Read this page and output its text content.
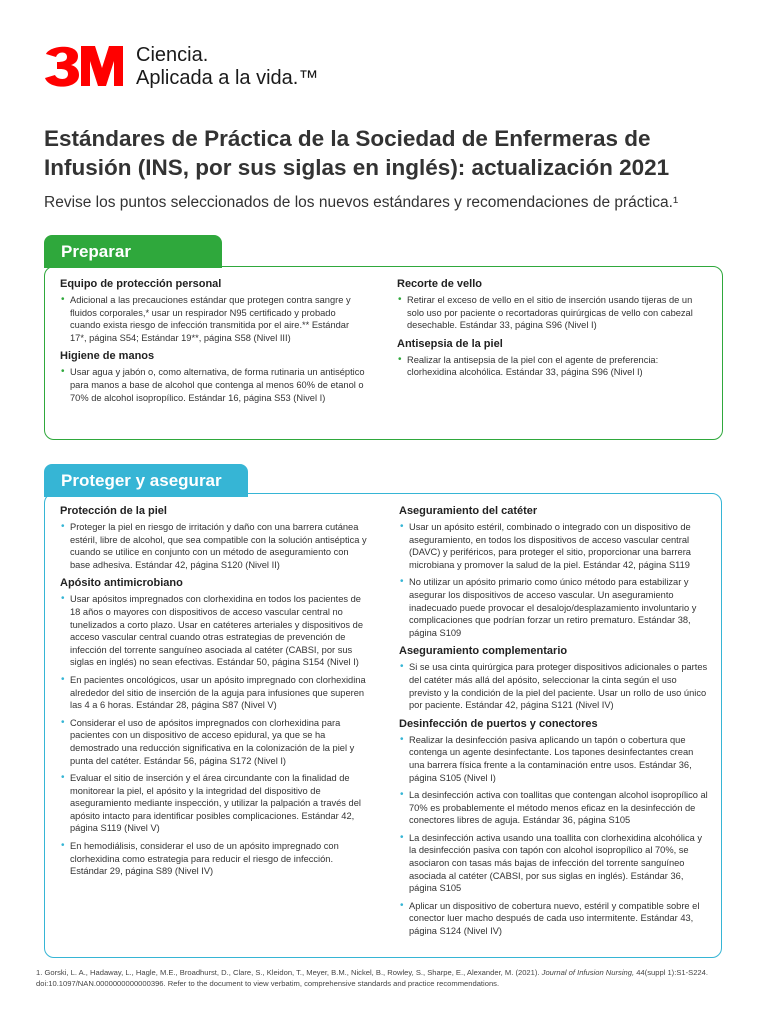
Ciencia.
Aplicada a la vida.™
Estándares de Práctica de la Sociedad de Enfermeras de Infusión (INS, por sus siglas en inglés): actualización 2021
Revise los puntos seleccionados de los nuevos estándares y recomendaciones de práctica.¹
Preparar
Equipo de protección personal
• Adicional a las precauciones estándar que protegen contra sangre y fluidos corporales,* usar un respirador N95 certificado y probado cuando exista riesgo de infección transmitida por el aire.** Estándar 17*, página S54; Estándar 19**, página S58 (Nivel III)
Higiene de manos
• Usar agua y jabón o, como alternativa, de forma rutinaria un antiséptico para manos a base de alcohol que contenga al menos 60% de etanol o 70% de alcohol isopropílico. Estándar 16, página S53 (Nivel I)
Recorte de vello
• Retirar el exceso de vello en el sitio de inserción usando tijeras de un solo uso por paciente o recortadoras quirúrgicas de vello con cabezal desechable. Estándar 33, página S96 (Nivel I)
Antisepsia de la piel
• Realizar la antisepsia de la piel con el agente de preferencia: clorhexidina alcohólica. Estándar 33, página S96 (Nivel I)
Proteger y asegurar
Protección de la piel
• Proteger la piel en riesgo de irritación y daño con una barrera cutánea estéril, libre de alcohol, que sea compatible con la solución antiséptica y cuando se utilice en conjunto con un método de aseguramiento con base adhesiva. Estándar 42, página S120 (Nivel II)
Apósito antimicrobiano
• Usar apósitos impregnados con clorhexidina en todos los pacientes de 18 años o mayores con dispositivos de acceso vascular central no tunelizados a corto plazo. Usar en catéteres arteriales y dispositivos de acceso vascular central cuando otras estrategias de prevención de infección del torrente sanguíneo asociada al catéter (CABSI, por sus siglas en inglés) no sean efectivas. Estándar 50, página S154 (Nivel I)
• En pacientes oncológicos, usar un apósito impregnado con clorhexidina alrededor del sitio de inserción de la aguja para infusiones que superen las 4 a 6 horas. Estándar 28, página S87 (Nivel V)
• Considerar el uso de apósitos impregnados con clorhexidina para pacientes con un dispositivo de acceso epidural, ya que se ha demostrado una reducción significativa en la colonización de la piel y punta del catéter. Estándar 56, página S172 (Nivel I)
• Evaluar el sitio de inserción y el área circundante con la finalidad de monitorear la piel, el apósito y la integridad del dispositivo de aseguramiento mediante inspección, y utilizar la palpación a través del apósito intacto para identificar posibles complicaciones. Estándar 42, página S119 (Nivel V)
• En hemodiálisis, considerar el uso de un apósito impregnado con clorhexidina como estrategia para reducir el riesgo de infección. Estándar 29, página S89 (Nivel IV)
Aseguramiento del catéter
• Usar un apósito estéril, combinado o integrado con un dispositivo de aseguramiento, en todos los dispositivos de acceso vascular central (DAVC) y periféricos, para proteger el sitio, proporcionar una barrera microbiana y promover la salud de la piel. Estándar 42, página S119
• No utilizar un apósito primario como único método para estabilizar y asegurar los dispositivos de acceso vascular. Un aseguramiento inadecuado puede provocar el desalojo/desplazamiento involuntario y complicaciones que podrían forzar un retiro prematuro. Estándar 38, página S109
Aseguramiento complementario
• Si se usa cinta quirúrgica para proteger dispositivos adicionales o partes del catéter más allá del apósito, seleccionar la cinta según el uso previsto y la condición de la piel del paciente. Usar un rollo de uso único por paciente. Estándar 42, página S121 (Nivel IV)
Desinfección de puertos y conectores
• Realizar la desinfección pasiva aplicando un tapón o cobertura que contenga un agente desinfectante. Los tapones desinfectantes crean una barrera física frente a la contaminación entre usos. Estándar 36, página S105 (Nivel I)
• La desinfección activa con toallitas que contengan alcohol isopropílico al 70% es probablemente el método menos eficaz en la desinfección de conectores libres de aguja. Estándar 36, página S105
• La desinfección activa usando una toallita con clorhexidina alcohólica y la desinfección pasiva con tapón con alcohol isopropílico al 70%, se asociaron con tasas más bajas de infección del torrente sanguíneo asociada al catéter (CABSI, por sus siglas en inglés). Estándar 36, página S105
• Aplicar un dispositivo de cobertura nuevo, estéril y compatible sobre el conector luer macho después de cada uso intermitente. Estándar 43, página S124 (Nivel IV)
1. Gorski, L. A., Hadaway, L., Hagle, M.E., Broadhurst, D., Clare, S., Kleidon, T., Meyer, B.M., Nickel, B., Rowley, S., Sharpe, E., Alexander, M. (2021). Journal of Infusion Nursing, 44(suppl 1):S1-S224. doi:10.1097/NAN.0000000000000396. Refer to the document to view verbatim, comprehensive standards and practice recommendations.
